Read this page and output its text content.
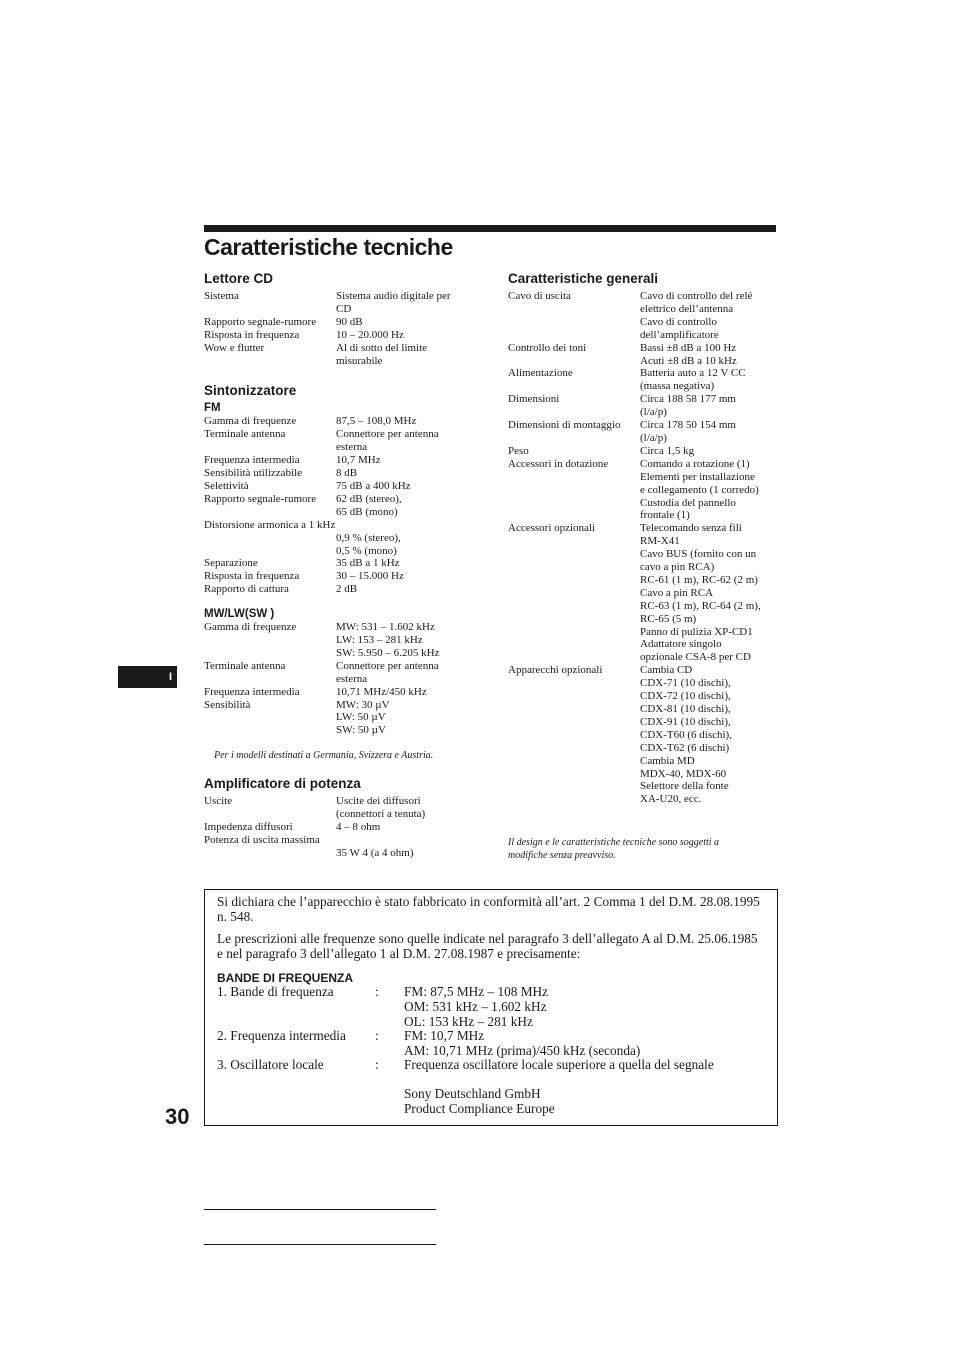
Caratteristiche tecniche
I
30
Lettore CD
Sistema	Sistema audio digitale per
CD
Rapporto segnale-rumore	90 dB
Risposta in frequenza	10 – 20.000 Hz
Wow e flutter	Al di sotto del limite
misurabile
Sintonizzatore
FM
Gamma di frequenze	87,5 – 108,0 MHz
Terminale antenna	Connettore per antenna
esterna
Frequenza intermedia	10,7 MHz
Sensibilità utilizzabile	8 dB
Selettività	75 dB a 400 kHz
Rapporto segnale-rumore	62 dB (stereo),
65 dB (mono)
Distorsione armonica a 1 kHz
0,9 % (stereo),
0,5 % (mono)
Separazione	35 dB a 1 kHz
Risposta in frequenza	30 – 15.000 Hz
Rapporto di cattura	2 dB
MW/LW(SW )
Gamma di frequenze	MW: 531 – 1.602 kHz
LW: 153 – 281 kHz
SW: 5.950 – 6.205 kHz
Terminale antenna	Connettore per antenna
esterna
Frequenza intermedia	10,71 MHz/450 kHz
Sensibilità	MW: 30 µV
LW: 50 µV
SW: 50 µV
Per i modelli destinati a Germania, Svizzera e Austria.
Amplificatore di potenza
Uscite	Uscite dei diffusori
(connettori a tenuta)
Impedenza diffusori	4 – 8 ohm
Potenza di uscita massima
35 W 4 (a 4 ohm)
Caratteristiche generali
Cavo di uscita	Cavo di controllo del relé
elettrico dell’antenna
Cavo di controllo
dell’amplificatore
Controllo dei toni	Bassi ±8 dB a 100 Hz
Acuti ±8 dB a 10 kHz
Alimentazione	Batteria auto a 12 V CC
(massa negativa)
Dimensioni	Circa 188 58 177 mm
(l/a/p)
Dimensioni di montaggio	Circa 178 50 154 mm
(l/a/p)
Peso	Circa 1,5 kg
Accessori in dotazione	Comando a rotazione (1)
Elementi per installazione
e collegamento (1 corredo)
Custodia del pannello
frontale (1)
Accessori opzionali	Telecomando senza fili
RM-X41
Cavo BUS (fornito con un
cavo a pin RCA)
RC-61 (1 m), RC-62 (2 m)
Cavo a pin RCA
RC-63 (1 m), RC-64 (2 m),
RC-65 (5 m)
Panno di pulizia XP-CD1
Adattatore singolo
opzionale CSA-8 per CD
Apparecchi opzionali	Cambia CD
CDX-71 (10 dischi),
CDX-72 (10 dischi),
CDX-81 (10 dischi),
CDX-91 (10 dischi),
CDX-T60 (6 dischi),
CDX-T62 (6 dischi)
Cambia MD
MDX-40, MDX-60
Selettore della fonte
XA-U20, ecc.
Il design e le caratteristiche tecniche sono soggetti a modifiche senza preavviso.

Si dichiara che l’apparecchio è stato fabbricato in conformità all’art. 2 Comma 1 del D.M. 28.08.1995 n. 548.

Le prescrizioni alle frequenze sono quelle indicate nel paragrafo 3 dell’allegato A al D.M. 25.06.1985 e nel paragrafo 3 dell’allegato 1 al D.M. 27.08.1987 e precisamente:

BANDE DI FREQUENZA
1. Bande di frequenza	:	FM: 87,5 MHz – 108 MHz
OM: 531 kHz – 1.602 kHz
OL: 153 kHz – 281 kHz
2. Frequenza intermedia	:	FM: 10,7 MHz
AM: 10,71 MHz (prima)/450 kHz (seconda)
3. Oscillatore locale	:	Frequenza oscillatore locale superiore a quella del segnale
Sony Deutschland GmbH
Product Compliance Europe
